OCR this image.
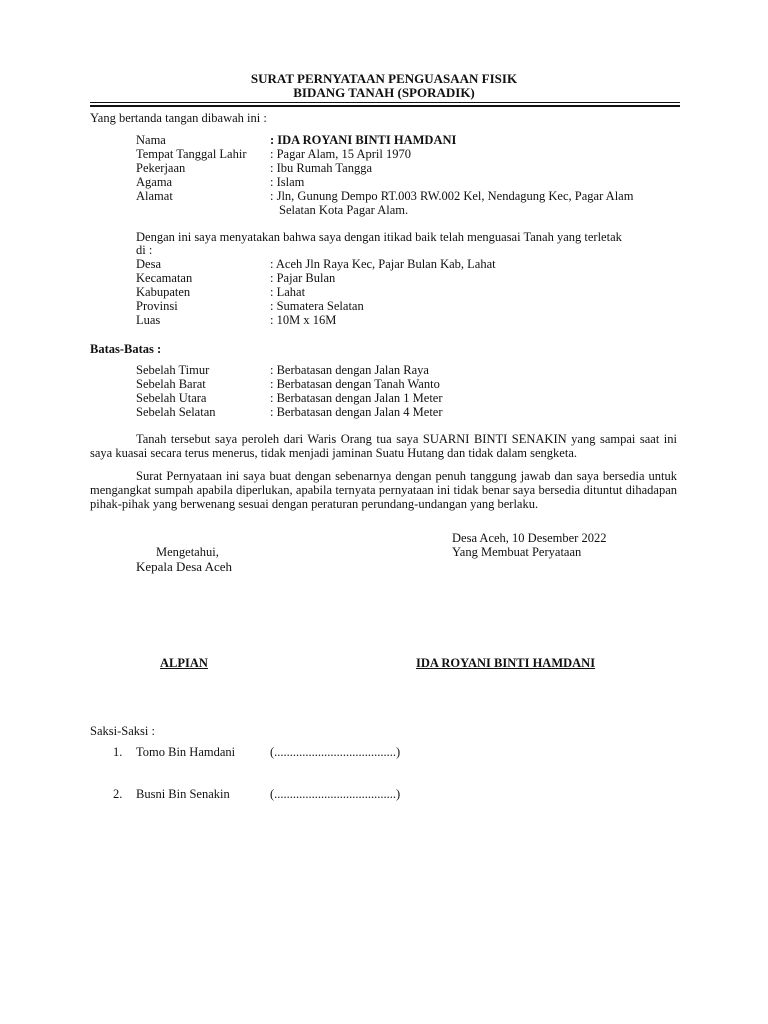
SURAT PERNYATAAN PENGUASAAN FISIK
BIDANG TANAH (SPORADIK)
Yang bertanda tangan dibawah ini :
Nama	: IDA ROYANI BINTI HAMDANI
Tempat Tanggal Lahir : Pagar Alam, 15 April 1970
Pekerjaan	: Ibu Rumah Tangga
Agama	: Islam
Alamat	: Jln, Gunung Dempo RT.003 RW.002 Kel, Nendagung Kec, Pagar Alam
Selatan Kota Pagar Alam.
Dengan ini saya menyatakan bahwa saya dengan itikad baik telah menguasai Tanah yang terletak
di :
Desa	: Aceh Jln Raya Kec, Pajar Bulan Kab, Lahat
Kecamatan	: Pajar Bulan
Kabupaten	: Lahat
Provinsi	: Sumatera Selatan
Luas	: 10M x 16M
Batas-Batas :
Sebelah Timur	: Berbatasan dengan Jalan Raya
Sebelah Barat	: Berbatasan dengan Tanah Wanto
Sebelah Utara	: Berbatasan dengan Jalan 1 Meter
Sebelah Selatan	: Berbatasan dengan Jalan 4 Meter
Tanah tersebut saya peroleh dari Waris Orang tua saya SUARNI BINTI SENAKIN yang sampai saat ini saya kuasai secara terus menerus, tidak menjadi jaminan Suatu Hutang dan tidak dalam sengketa.
Surat Pernyataan ini saya buat dengan sebenarnya dengan penuh tanggung jawab dan saya bersedia untuk mengangkat sumpah apabila diperlukan, apabila ternyata pernyataan ini tidak benar saya bersedia dituntut dihadapan pihak-pihak yang berwenang sesuai dengan peraturan perundang-undangan yang berlaku.
Desa Aceh, 10 Desember 2022
Yang Membuat Peryataan
Mengetahui,
Kepala Desa Aceh
ALPIAN	IDA ROYANI BINTI HAMDANI
Saksi-Saksi :
1. Tomo Bin Hamdani	(.......................................)
2. Busni Bin Senakin	(.......................................)
